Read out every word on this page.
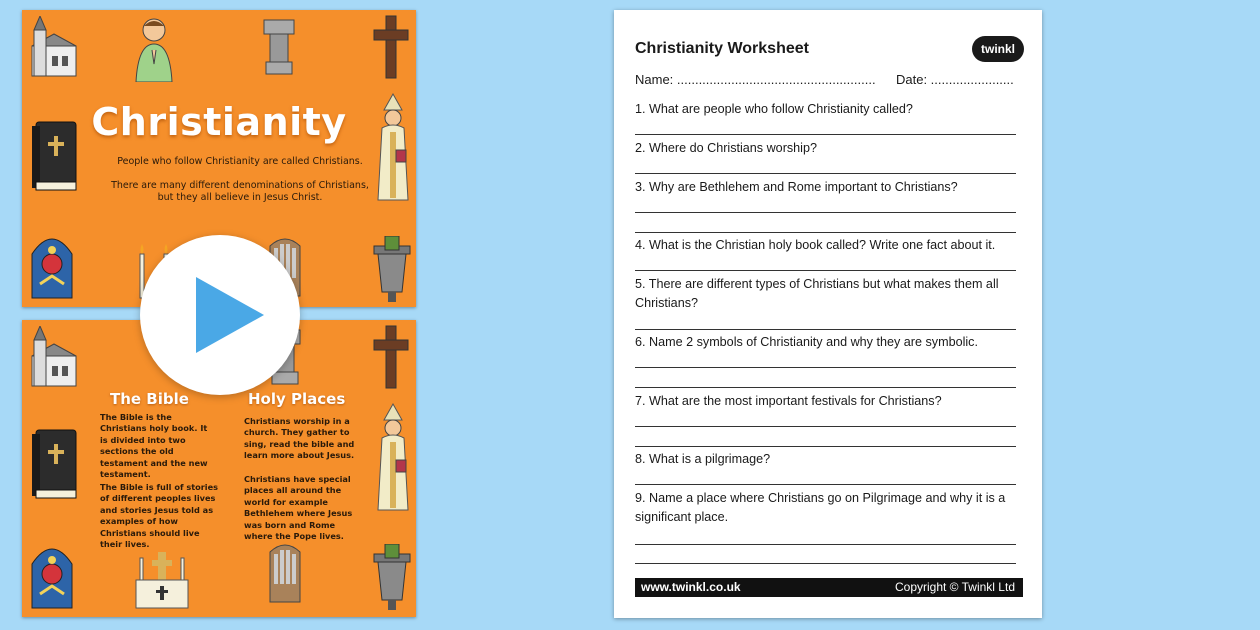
Christianity
People who follow Christianity are called Christians.
There are many different denominations of Christians, but they all believe in Jesus Christ.
The Bible	Holy Places
The Bible is the Christians holy book. It is divided into two sections the old testament and the new testament.
The Bible is full of stories of different peoples lives and stories Jesus told as examples of how Christians should live their lives.
Christians worship in a church. They gather to sing, read the bible and learn more about Jesus.
Christians have special places all around the world for example Bethlehem where Jesus was born and Rome where the Pope lives.
Christianity Worksheet	twinkl
Name: ....................................................... Date: .......................
1. What are people who follow Christianity called?
2. Where do Christians worship?
3. Why are Bethlehem and Rome important to Christians?
4. What is the Christian holy book called? Write one fact about it.
5. There are different types of Christians but what makes them all Christians?
6. Name 2 symbols of Christianity and why they are symbolic.
7. What are the most important festivals for Christians?
8. What is a pilgrimage?
9. Name a place where Christians go on Pilgrimage and why it is a significant place.
www.twinkl.co.uk	Copyright © Twinkl Ltd
